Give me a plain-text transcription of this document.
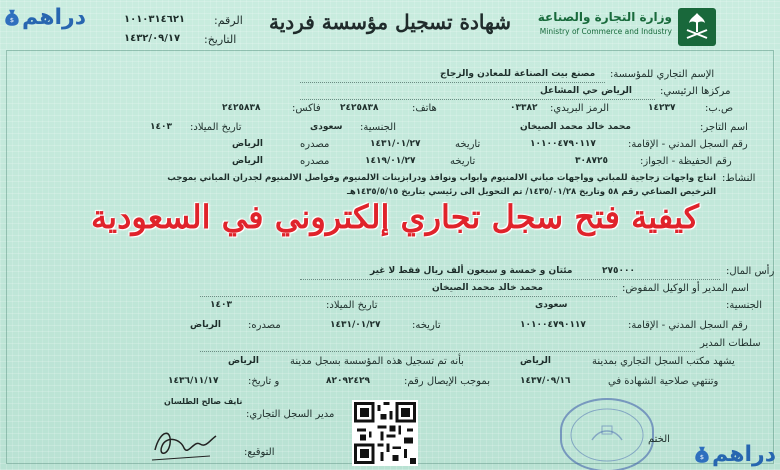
$ دراهم	الرقم:
١٠١٠٣١٤٦٢١
التاريخ:
١٤٣٢/٠٩/١٧
شهادة تسجيل مؤسسة فردية	وزارة التجارة والصناعة
Ministry of Commerce and Industry
الإسم التجاري للمؤسسة:
مصنع بيت الصناعة للمعادن والزجاج
مركزها الرئيسي:
الرياض حي المشاعل
ص.ب:
١٤٢٣٧
الرمز البريدي:
٠٣٣٨٢
هاتف:
٢٤٢٥٨٣٨
فاكس:
٢٤٢٥٨٣٨
اسم التاجر:
محمد خالد محمد الصيخان
الجنسية:
سعودى
تاريخ الميلاد:
١٤٠٣
رقم السجل المدني - الإقامة:
١٠١٠٠٤٧٩٠١١٧
تاريخه
١٤٣١/٠١/٢٧
مصدره
الرياض
رقم الحفيظة - الجواز:
٣٠٨٧٢٥
تاريخه
١٤١٩/٠١/٢٧
مصدره
الرياض
النشاط:
انتاج واجهات زجاجية للمباني وواجهات مباني الالمنيوم وابواب ونوافذ ودرابزينات الالمنيوم وفواصل الالمنيوم لجدران المباني بموجب
الترخيص الصناعي رقم ٥٨ وتاريخ ١٤٣٥/٠١/٢٨/ تم التحويل الى رئيسي بتاريخ ١٤٣٥/٥/١٥هـ
كيفية فتح سجل تجاري إلكتروني في السعودية
رأس المال:
٢٧٥٠٠٠
مئتان و خمسة و سبعون ألف ريال فقط لا غير
اسم المدير أو الوكيل المفوض:
محمد خالد محمد الصيخان
الجنسية:
سعودى
تاريخ الميلاد:
١٤٠٣
رقم السجل المدني - الإقامة:
١٠١٠٠٤٧٩٠١١٧
تاريخه:
١٤٣١/٠١/٢٧
مصدره:
الرياض
سلطات المدير
يشهد مكتب السجل التجاري بمدينة
الرياض
بأنه تم تسجيل هذه المؤسسة بسجل مدينة
الرياض
وتنتهي صلاحية الشهادة في
١٤٣٧/٠٩/١٦
بموجب الإيصال رقم:
٨٢٠٩٢٤٢٩
و تاريخ:
١٤٣٦/١١/١٧
مدير السجل التجاري:
نايف صالح الطلسان
التوقيع:
الختم
$ دراهم
